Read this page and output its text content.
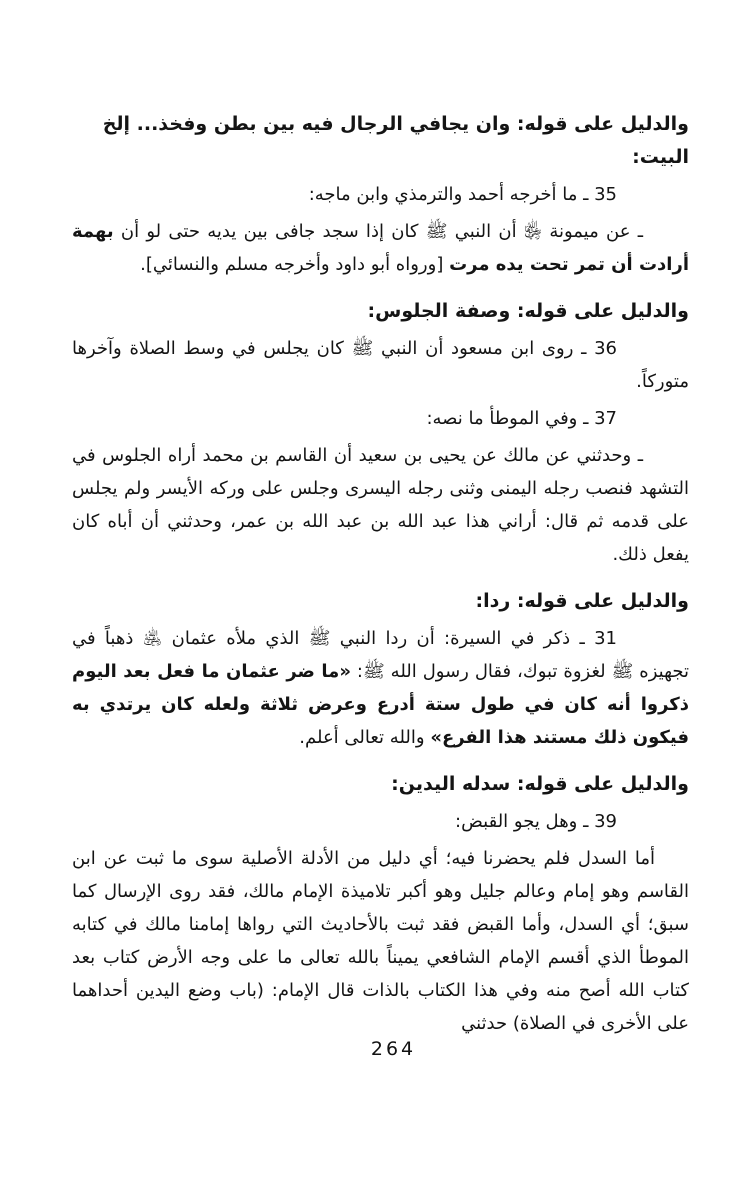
والدليل على قوله: وان يجافي الرجال فيه بين بطن وفخذ... إلخ البيت:
35 ـ ما أخرجه أحمد والترمذي وابن ماجه:
ـ عن ميمونة ﵂ أن النبي ﷺ كان إذا سجد جافى بين يديه حتى لو أن بهمة أرادت أن تمر تحت يده مرت [ورواه أبو داود وأخرجه مسلم والنسائي].
والدليل على قوله: وصفة الجلوس:
36 ـ روى ابن مسعود أن النبي ﷺ كان يجلس في وسط الصلاة وآخرها متوركاً.
37 ـ وفي الموطأ ما نصه:
ـ وحدثني عن مالك عن يحيى بن سعيد أن القاسم بن محمد أراه الجلوس في التشهد فنصب رجله اليمنى وثنى رجله اليسرى وجلس على وركه الأيسر ولم يجلس على قدمه ثم قال: أراني هذا عبد الله بن عبد الله بن عمر، وحدثني أن أباه كان يفعل ذلك.
والدليل على قوله: ردا:
31 ـ ذكر في السيرة: أن ردا النبي ﷺ الذي ملأه عثمان ﵁ ذهباً في تجهيزه ﷺ لغزوة تبوك، فقال رسول الله ﷺ: «ما ضر عثمان ما فعل بعد اليوم ذكروا أنه كان في طول ستة أدرع وعرض ثلاثة ولعله كان يرتدي به فيكون ذلك مستند هذا الفرع» والله تعالى أعلم.
والدليل على قوله: سدله اليدين:
39 ـ وهل يجو القبض:
أما السدل فلم يحضرنا فيه؛ أي دليل من الأدلة الأصلية سوى ما ثبت عن ابن القاسم وهو إمام وعالم جليل وهو أكبر تلاميذة الإمام مالك، فقد روى الإرسال كما سبق؛ أي السدل، وأما القبض فقد ثبت بالأحاديث التي رواها إمامنا مالك في كتابه الموطأ الذي أقسم الإمام الشافعي يميناً بالله تعالى ما على وجه الأرض كتاب بعد كتاب الله أصح منه وفي هذا الكتاب بالذات قال الإمام: (باب وضع اليدين أحداهما على الأخرى في الصلاة) حدثني
264
